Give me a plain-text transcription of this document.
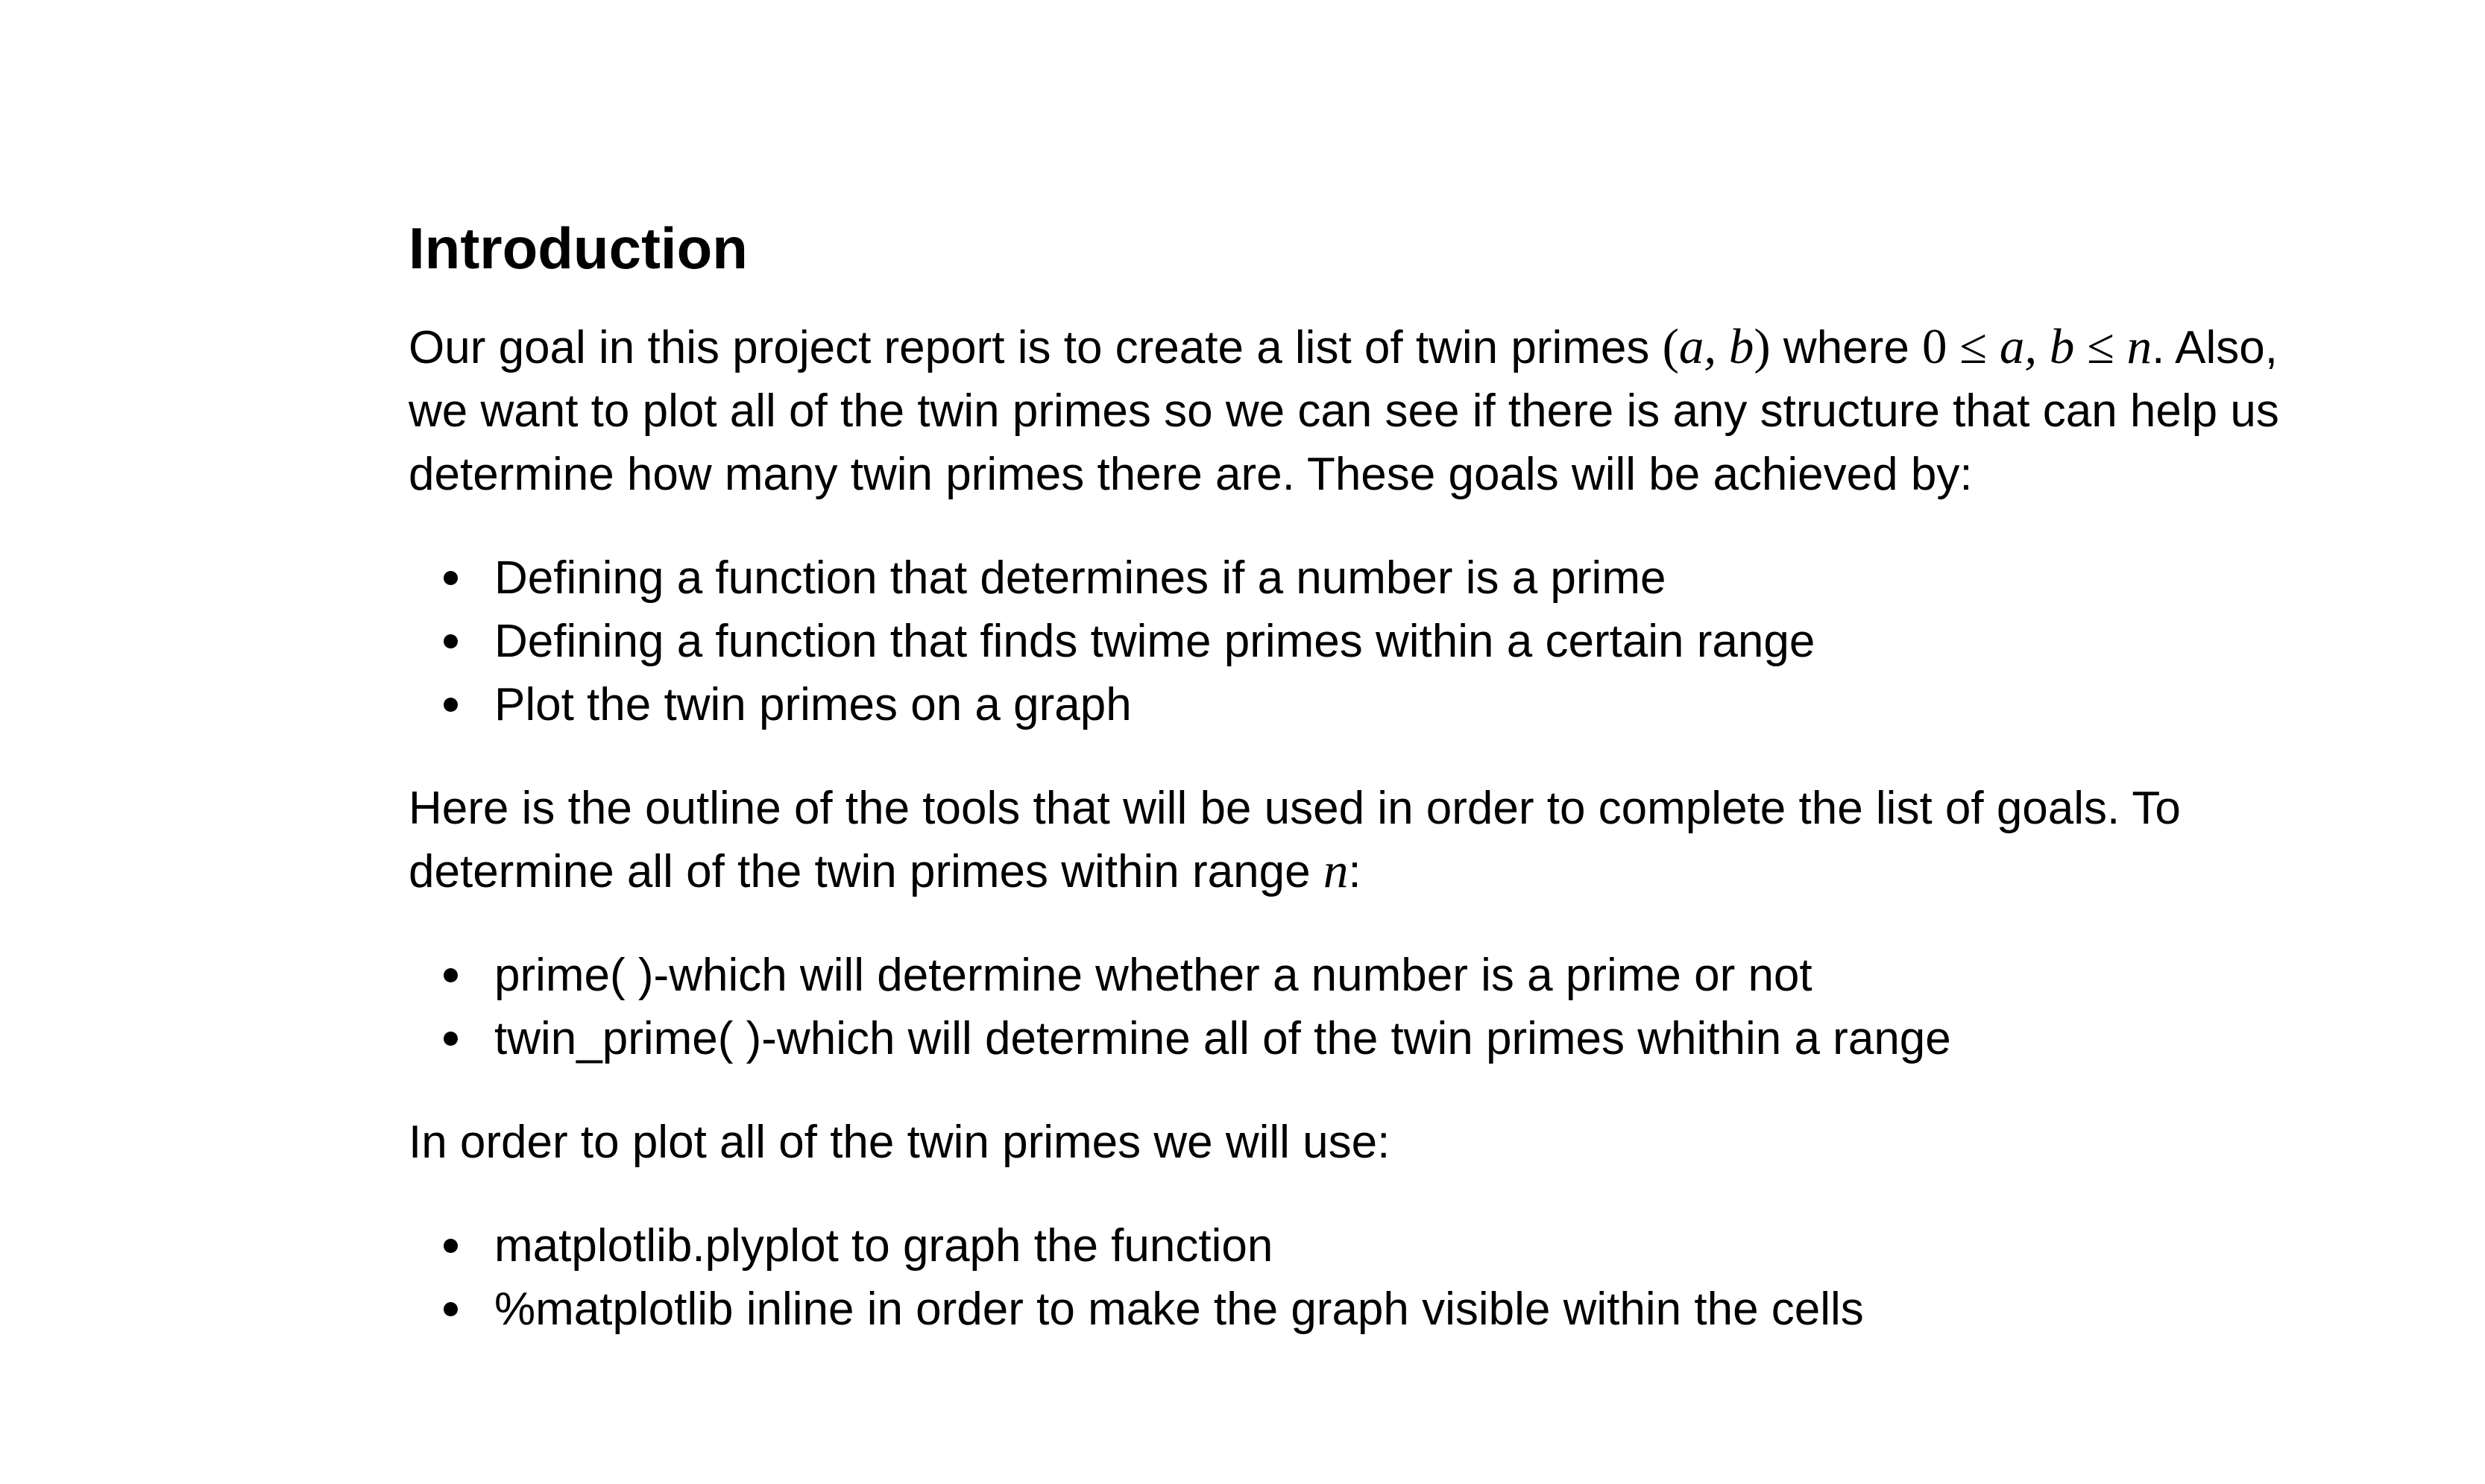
Introduction

Our goal in this project report is to create a list of twin primes (a, b) where 0 ≤ a, b ≤ n. Also, we want to plot all of the twin primes so we can see if there is any structure that can help us determine how many twin primes there are. These goals will be achieved by:

Defining a function that determines if a number is a prime
Defining a function that finds twime primes within a certain range
Plot the twin primes on a graph

Here is the outline of the tools that will be used in order to complete the list of goals. To determine all of the twin primes within range n:

prime( )-which will determine whether a number is a prime or not
twin_prime( )-which will determine all of the twin primes whithin a range

In order to plot all of the twin primes we will use:

matplotlib.plyplot to graph the function
%matplotlib inline in order to make the graph visible within the cells
